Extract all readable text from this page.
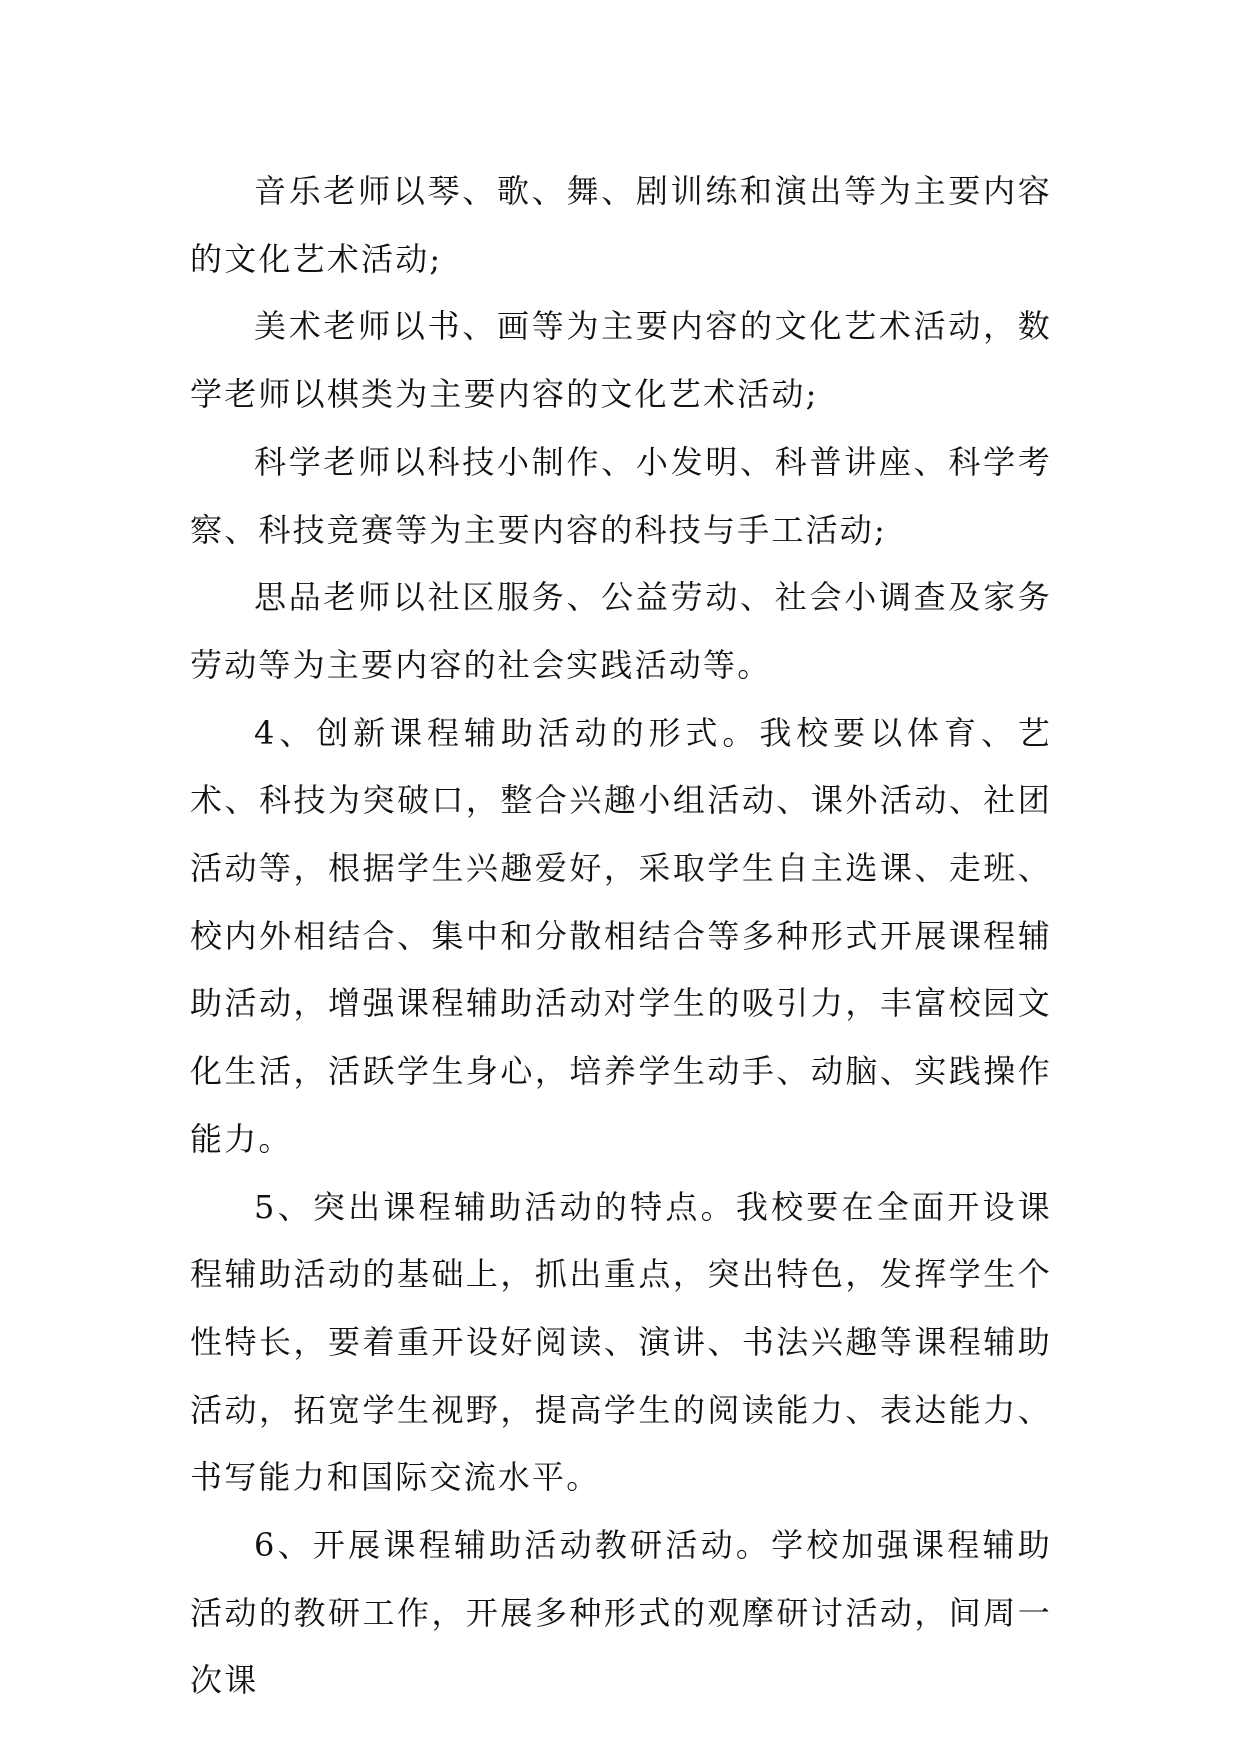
音乐老师以琴、歌、舞、剧训练和演出等为主要内容的文化艺术活动;

美术老师以书、画等为主要内容的文化艺术活动，数学老师以棋类为主要内容的文化艺术活动;

科学老师以科技小制作、小发明、科普讲座、科学考察、科技竞赛等为主要内容的科技与手工活动;

思品老师以社区服务、公益劳动、社会小调查及家务劳动等为主要内容的社会实践活动等。

4、创新课程辅助活动的形式。我校要以体育、艺术、科技为突破口，整合兴趣小组活动、课外活动、社团活动等，根据学生兴趣爱好，采取学生自主选课、走班、校内外相结合、集中和分散相结合等多种形式开展课程辅助活动，增强课程辅助活动对学生的吸引力，丰富校园文化生活，活跃学生身心，培养学生动手、动脑、实践操作能力。

5、突出课程辅助活动的特点。我校要在全面开设课程辅助活动的基础上，抓出重点，突出特色，发挥学生个性特长，要着重开设好阅读、演讲、书法兴趣等课程辅助活动，拓宽学生视野，提高学生的阅读能力、表达能力、书写能力和国际交流水平。

6、开展课程辅助活动教研活动。学校加强课程辅助活动的教研工作，开展多种形式的观摩研讨活动，间周一次课
